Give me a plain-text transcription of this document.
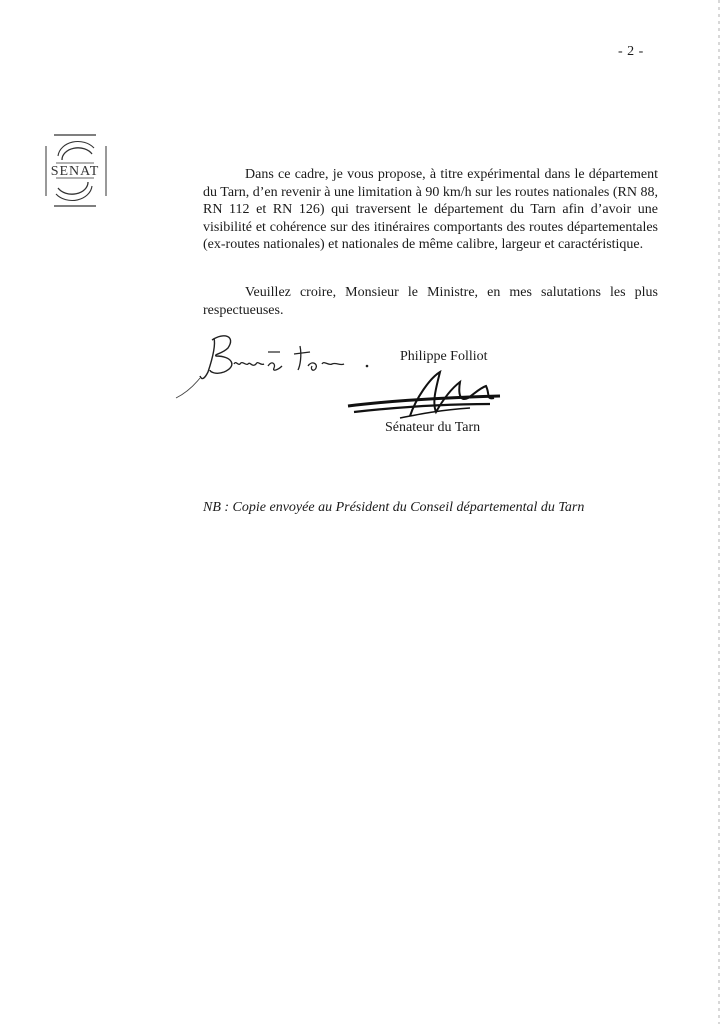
- 2 -
SENAT	Dans ce cadre, je vous propose, à titre expérimental dans le département du Tarn, d’en revenir à une limitation à 90 km/h sur les routes nationales (RN 88, RN 112 et RN 126) qui traversent le département du Tarn afin d’avoir une visibilité et cohérence sur des itinéraires comportants des routes départementales (ex-routes nationales) et nationales de même calibre, largeur et caractéristique.

Veuillez croire, Monsieur le Ministre, en mes salutations les plus respectueuses.

Philippe Folliot
Sénateur du Tarn
NB : Copie envoyée au Président du Conseil départemental du Tarn
